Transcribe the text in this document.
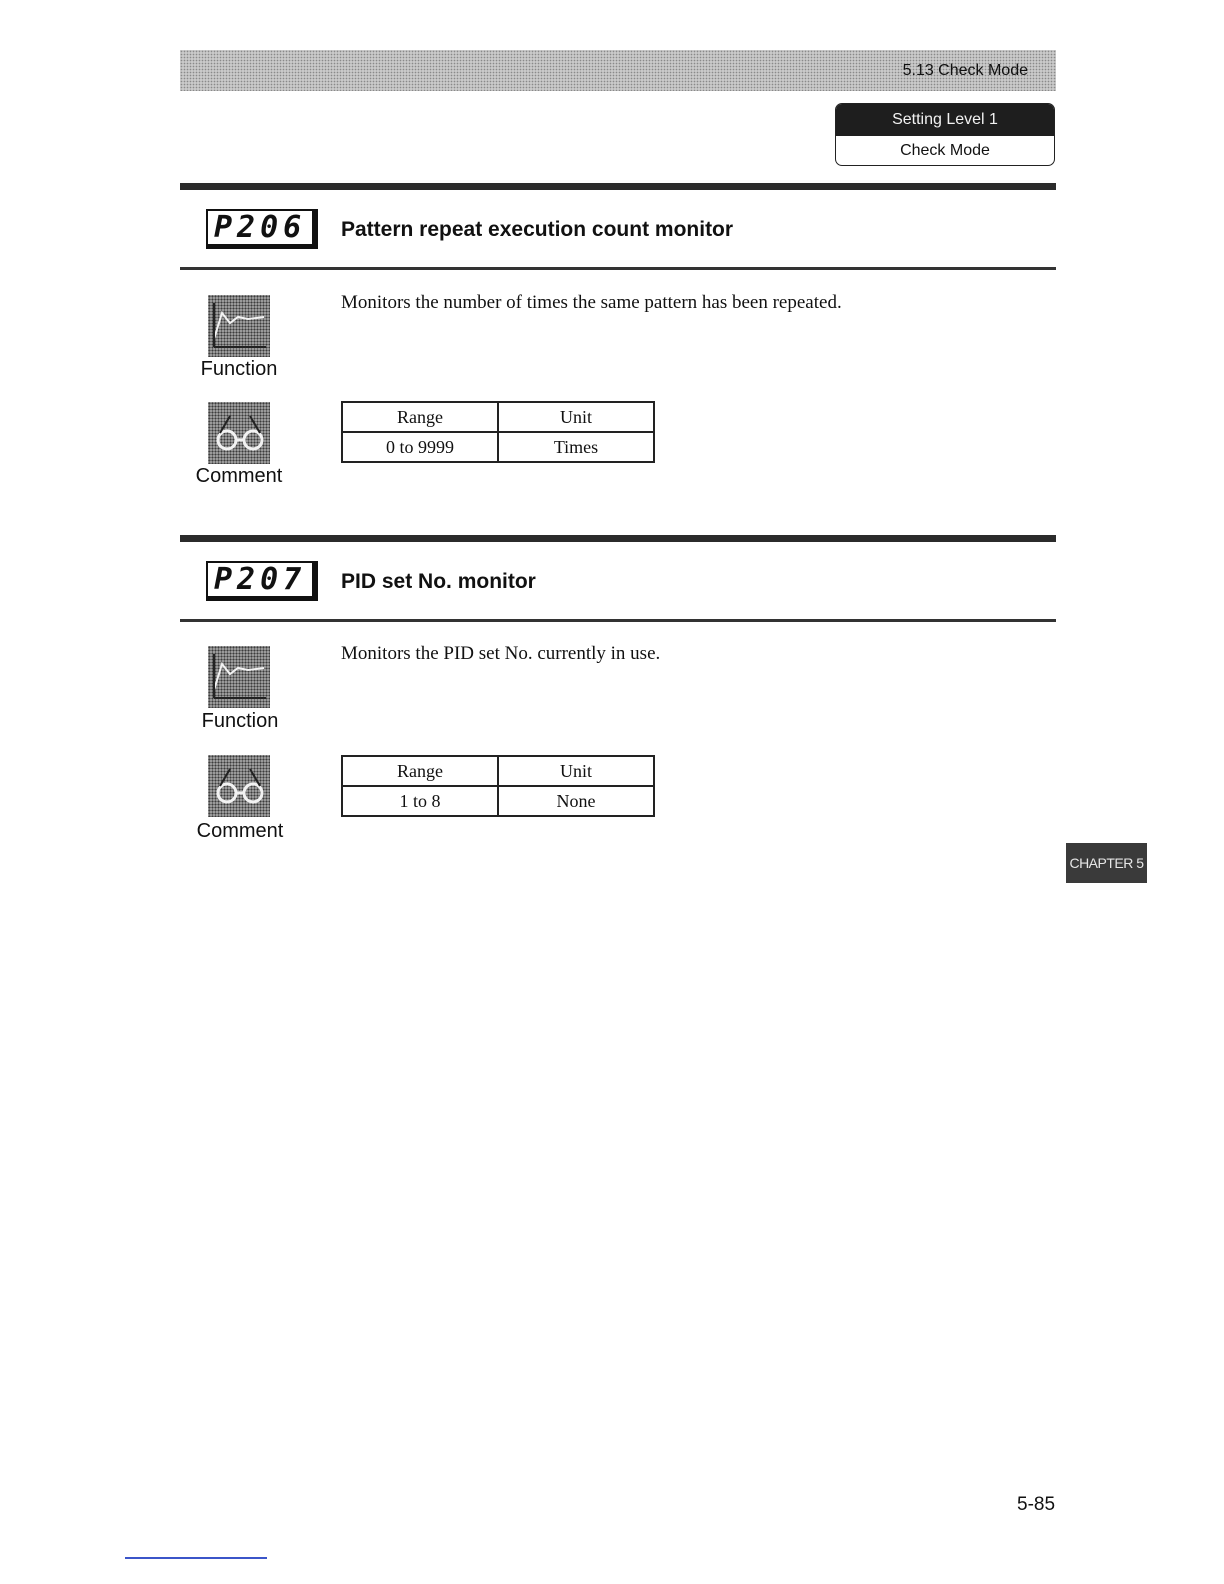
5.13 Check Mode
Setting Level 1
Check Mode
P206	Pattern repeat execution count monitor
Function
Monitors the number of times the same pattern has been repeated.
Comment
Range	Unit
0 to 9999	Times
P207	PID set No. monitor
Function
Monitors the PID set No. currently in use.
Comment
Range	Unit
1 to 8	None
CHAPTER 5
5-85
